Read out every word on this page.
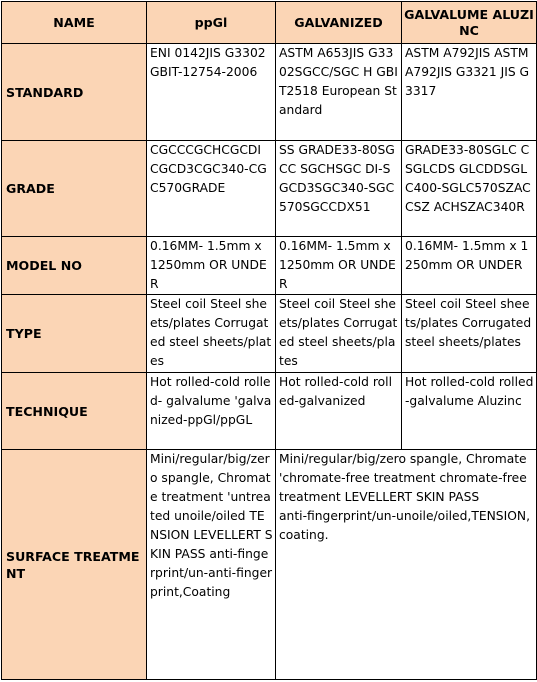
NAME	ppGl	GALVANIZED	GALVALUME ALUZINC
STANDARD	ENI 0142JIS G3302GBIT-12754-2006	ASTM A653JIS G3302SGCC/SGC H GBIT2518 European Standard	ASTM A792JIS ASTM A792JIS G3321 JIS G3317
GRADE	CGCCCGCHCGCDI CGCD3CGC340-CG C570GRADE	SS GRADE33-80SGCC SGCHSGC DI-SGCD3SGC340-SGC570SGCCDX51	GRADE33-80SGLC CSGLCDS GLCDDSGLC400-SGLC570SZACCSZ ACHSZAC340R
MODEL NO	0.16MM- 1.5mm x 1250mm OR UNDER	0.16MM- 1.5mm x 1250mm OR UNDER	0.16MM- 1.5mm x 1250mm OR UNDER
TYPE	Steel coil Steel sheets/plates Corrugated steel sheets/plates	Steel coil Steel sheets/plates Corrugated steel sheets/plates	Steel coil Steel sheets/plates Corrugated steel sheets/plates
TECHNIQUE	Hot rolled-cold rolled- galvalume 'galvanized-ppGl/ppGL	Hot rolled-cold rolled-galvanized	Hot rolled-cold rolled-galvalume Aluzinc
SURFACE TREATMENT	Mini/regular/big/zero spangle, Chromate treatment 'untreated unoile/oiled TENSION LEVELLERT SKIN PASS anti-fingerprint/un-anti-fingerprint,Coating	Mini/regular/big/zero spangle, Chromate 'chromate-free treatment chromate-free treatment LEVELLERT SKIN PASS
anti-fingerprint/un-unoile/oiled,TENSION, coating.	
